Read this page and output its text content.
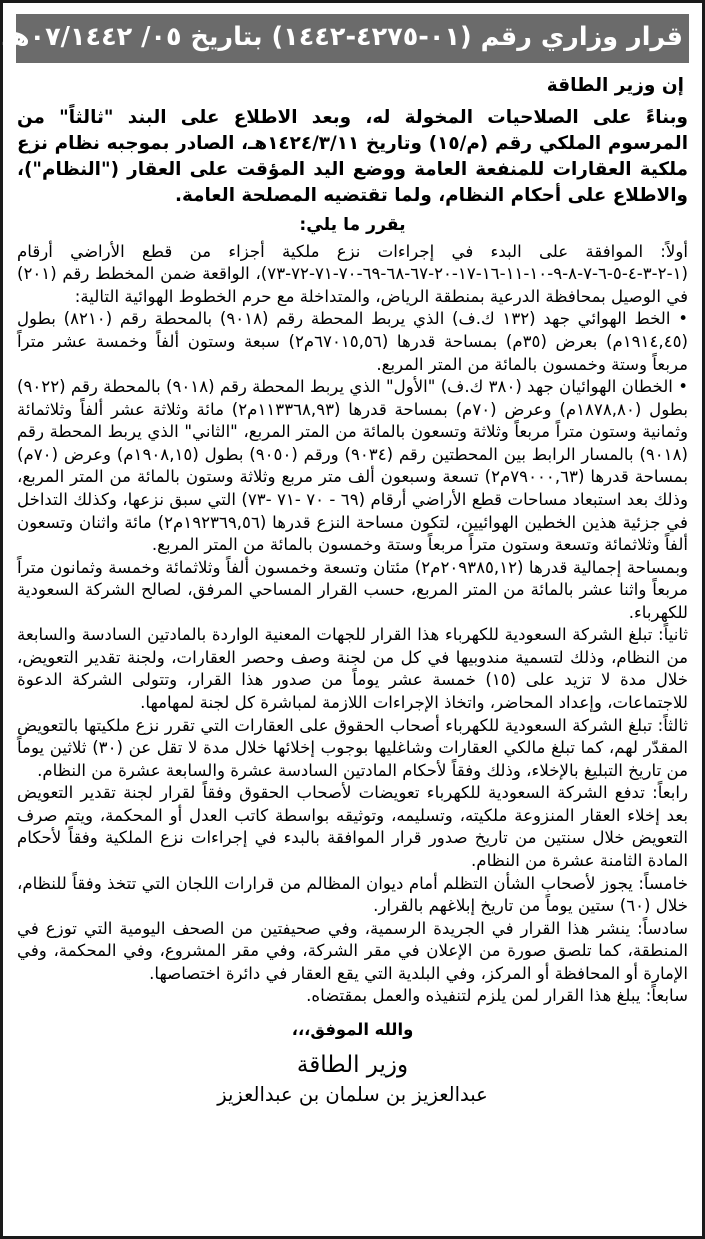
قرار وزاري رقم (٠١-٤٢٧٥-١٤٤٢) بتاريخ ٠٥/ ٠٧/١٤٤٢هـ
إن وزير الطاقة

وبناءً على الصلاحيات المخولة له، وبعد الاطلاع على البند "ثالثاً" من المرسوم الملكي رقم (م/١٥) وتاريخ ١٤٢٤/٣/١١هـ، الصادر بموجبه نظام نزع ملكية العقارات للمنفعة العامة ووضع اليد المؤقت على العقار ("النظام")، والاطلاع على أحكام النظام، ولما تقتضيه المصلحة العامة.

يقرر ما يلي:

أولاً: الموافقة على البدء في إجراءات نزع ملكية أجزاء من قطع الأراضي أرقام (١-٢-٣-٤-٥-٦-٧-٨-٩-١٠-١١-١٦-١٧-٢٠-٦٧-٦٨-٦٩-٧٠-٧١-٧٢-٧٣)، الواقعة ضمن المخطط رقم (٢٠١) في الوصيل بمحافظة الدرعية بمنطقة الرياض، والمتداخلة مع حرم الخطوط الهوائية التالية:

• الخط الهوائي جهد (١٣٢ ك.ف) الذي يربط المحطة رقم (٩٠١٨) بالمحطة رقم (٨٢١٠) بطول (١٩١٤,٤٥م) بعرض (٣٥م) بمساحة قدرها (٦٧٠١٥,٥٦م٢) سبعة وستون ألفاً وخمسة عشر متراً مربعاً وستة وخمسون بالمائة من المتر المربع.

• الخطان الهوائيان جهد (٣٨٠ ك.ف) "الأول" الذي يربط المحطة رقم (٩٠١٨) بالمحطة رقم (٩٠٢٢) بطول (١٨٧٨,٨٠م) وعرض (٧٠م) بمساحة قدرها (١١٣٣٦٨,٩٣م٢) مائة وثلاثة عشر ألفاً وثلاثمائة وثمانية وستون متراً مربعاً وثلاثة وتسعون بالمائة من المتر المربع، "الثاني" الذي يربط المحطة رقم (٩٠١٨) بالمسار الرابط بين المحطتين رقم (٩٠٣٤) ورقم (٩٠٥٠) بطول (١٩٠٨,١٥م) وعرض (٧٠م) بمساحة قدرها (٧٩٠٠٠,٦٣م٢) تسعة وسبعون ألف متر مربع وثلاثة وستون بالمائة من المتر المربع، وذلك بعد استبعاد مساحات قطع الأراضي أرقام (٦٩ - ٧٠ -٧١ -٧٣) التي سبق نزعها، وكذلك التداخل في جزئية هذين الخطين الهوائيين، لتكون مساحة النزع قدرها (١٩٢٣٦٩,٥٦م٢) مائة واثنان وتسعون ألفاً وثلاثمائة وتسعة وستون متراً مربعاً وستة وخمسون بالمائة من المتر المربع.

وبمساحة إجمالية قدرها (٢٠٩٣٨٥,١٢م٢) مئتان وتسعة وخمسون ألفاً وثلاثمائة وخمسة وثمانون متراً مربعاً واثنا عشر بالمائة من المتر المربع، حسب القرار المساحي المرفق، لصالح الشركة السعودية للكهرباء.

ثانياً: تبلغ الشركة السعودية للكهرباء هذا القرار للجهات المعنية الواردة بالمادتين السادسة والسابعة من النظام، وذلك لتسمية مندوبيها في كل من لجنة وصف وحصر العقارات، ولجنة تقدير التعويض، خلال مدة لا تزيد على (١٥) خمسة عشر يوماً من صدور هذا القرار، وتتولى الشركة الدعوة للاجتماعات، وإعداد المحاضر، واتخاذ الإجراءات اللازمة لمباشرة كل لجنة لمهامها.

ثالثاً: تبلغ الشركة السعودية للكهرباء أصحاب الحقوق على العقارات التي تقرر نزع ملكيتها بالتعويض المقدّر لهم، كما تبلغ مالكي العقارات وشاغليها بوجوب إخلائها خلال مدة لا تقل عن (٣٠) ثلاثين يوماً من تاريخ التبليغ بالإخلاء، وذلك وفقاً لأحكام المادتين السادسة عشرة والسابعة عشرة من النظام.

رابعاً: تدفع الشركة السعودية للكهرباء تعويضات لأصحاب الحقوق وفقاً لقرار لجنة تقدير التعويض بعد إخلاء العقار المنزوعة ملكيته، وتسليمه، وتوثيقه بواسطة كاتب العدل أو المحكمة، ويتم صرف التعويض خلال سنتين من تاريخ صدور قرار الموافقة بالبدء في إجراءات نزع الملكية وفقاً لأحكام المادة الثامنة عشرة من النظام.

خامساً: يجوز لأصحاب الشأن التظلم أمام ديوان المظالم من قرارات اللجان التي تتخذ وفقاً للنظام، خلال (٦٠) ستين يوماً من تاريخ إبلاغهم بالقرار.

سادساً: ينشر هذا القرار في الجريدة الرسمية، وفي صحيفتين من الصحف اليومية التي توزع في المنطقة، كما تلصق صورة من الإعلان في مقر الشركة، وفي مقر المشروع، وفي المحكمة، وفي الإمارة أو المحافظة أو المركز، وفي البلدية التي يقع العقار في دائرة اختصاصها.

سابعاً: يبلغ هذا القرار لمن يلزم لتنفيذه والعمل بمقتضاه.

والله الموفق،،،
وزير الطاقة
عبدالعزيز بن سلمان بن عبدالعزيز
